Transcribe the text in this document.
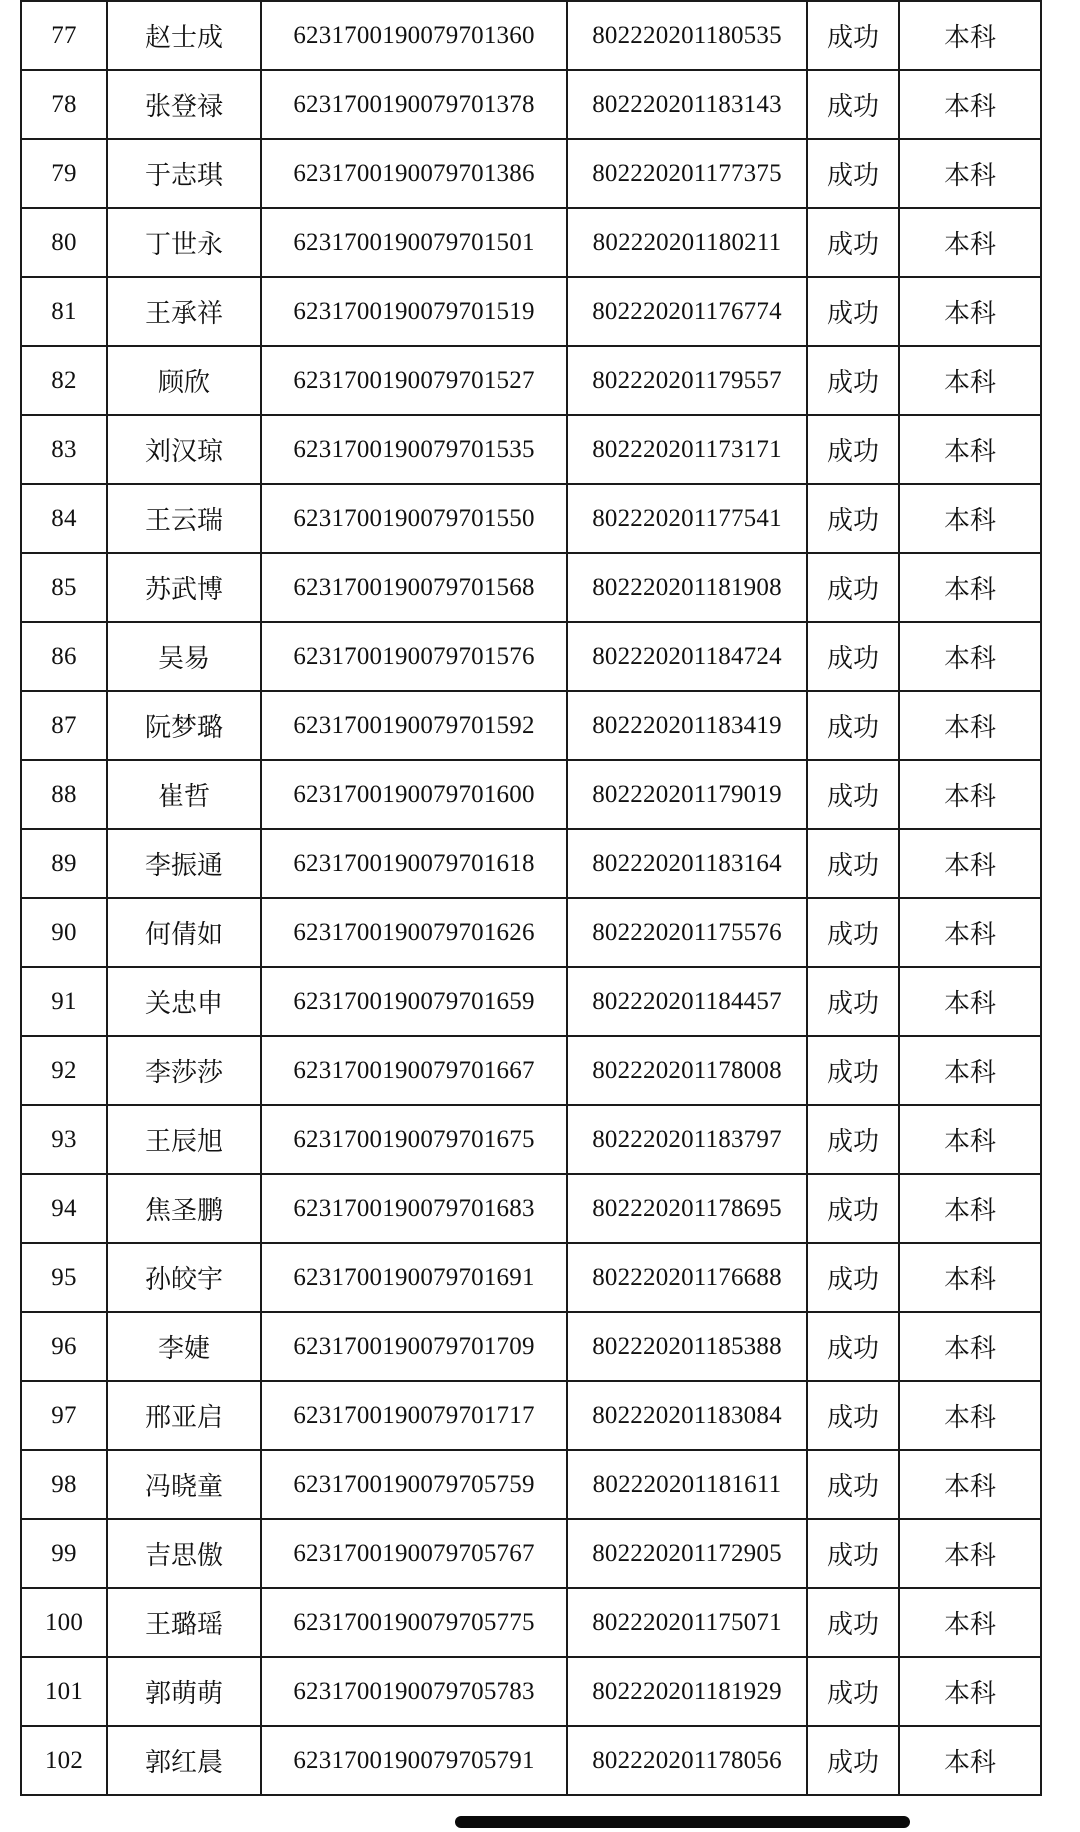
77	赵士成	6231700190079701360	802220201180535	成功	本科
78	张登禄	6231700190079701378	802220201183143	成功	本科
79	于志琪	6231700190079701386	802220201177375	成功	本科
80	丁世永	6231700190079701501	802220201180211	成功	本科
81	王承祥	6231700190079701519	802220201176774	成功	本科
82	顾欣	6231700190079701527	802220201179557	成功	本科
83	刘汉琼	6231700190079701535	802220201173171	成功	本科
84	王云瑞	6231700190079701550	802220201177541	成功	本科
85	苏武博	6231700190079701568	802220201181908	成功	本科
86	吴易	6231700190079701576	802220201184724	成功	本科
87	阮梦璐	6231700190079701592	802220201183419	成功	本科
88	崔哲	6231700190079701600	802220201179019	成功	本科
89	李振通	6231700190079701618	802220201183164	成功	本科
90	何倩如	6231700190079701626	802220201175576	成功	本科
91	关忠申	6231700190079701659	802220201184457	成功	本科
92	李莎莎	6231700190079701667	802220201178008	成功	本科
93	王辰旭	6231700190079701675	802220201183797	成功	本科
94	焦圣鹏	6231700190079701683	802220201178695	成功	本科
95	孙皎宇	6231700190079701691	802220201176688	成功	本科
96	李婕	6231700190079701709	802220201185388	成功	本科
97	邢亚启	6231700190079701717	802220201183084	成功	本科
98	冯晓童	6231700190079705759	802220201181611	成功	本科
99	吉思傲	6231700190079705767	802220201172905	成功	本科
100	王璐瑶	6231700190079705775	802220201175071	成功	本科
101	郭萌萌	6231700190079705783	802220201181929	成功	本科
102	郭红晨	6231700190079705791	802220201178056	成功	本科
